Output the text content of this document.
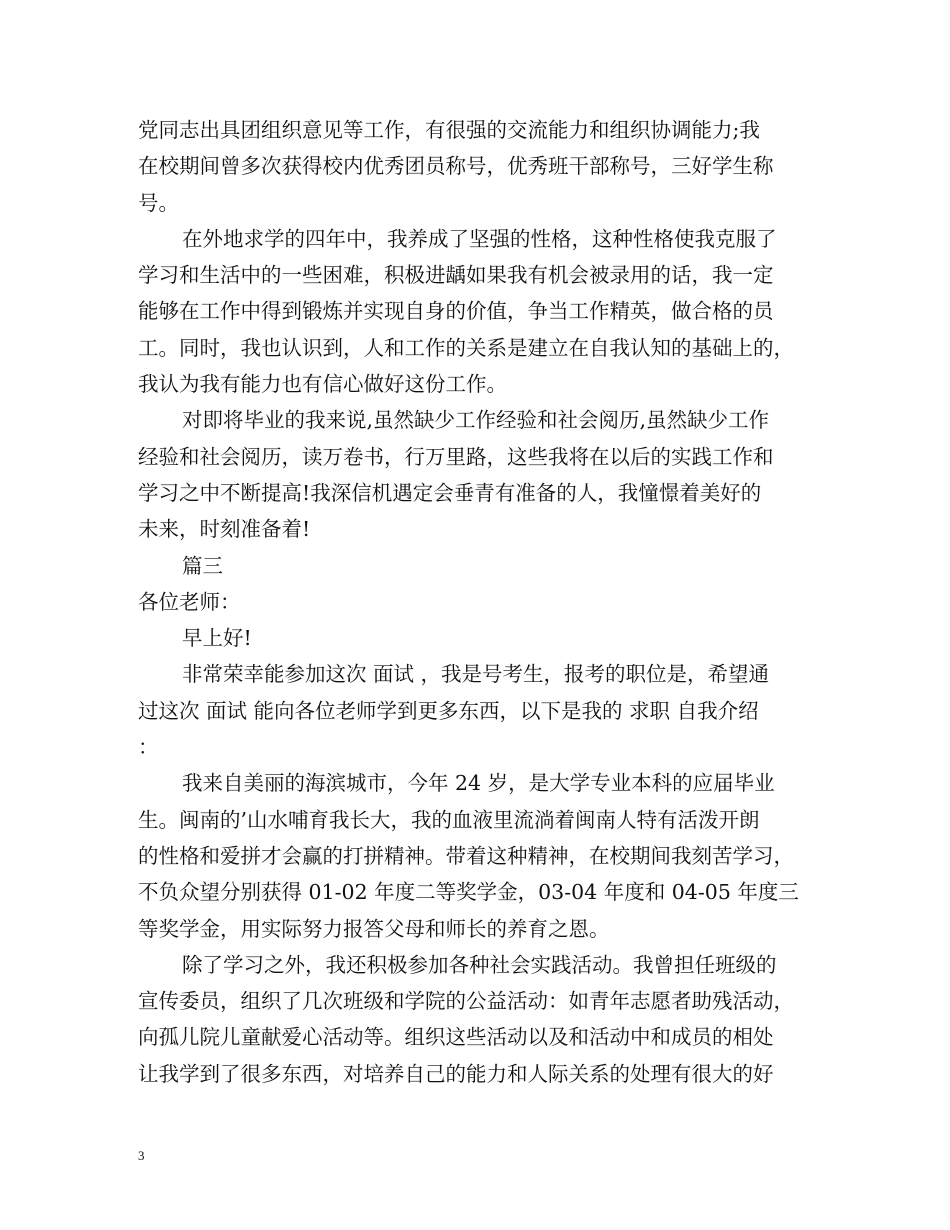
党同志出具团组织意见等工作，有很强的交流能力和组织协调能力;我
在校期间曾多次获得校内优秀团员称号，优秀班干部称号，三好学生称
号。
在外地求学的四年中，我养成了坚强的性格，这种性格使我克服了
学习和生活中的一些困难，积极进龋如果我有机会被录用的话，我一定
能够在工作中得到锻炼并实现自身的价值，争当工作精英，做合格的员
工。同时，我也认识到，人和工作的关系是建立在自我认知的基础上的，
我认为我有能力也有信心做好这份工作。
对即将毕业的我来说,虽然缺少工作经验和社会阅历,虽然缺少工作
经验和社会阅历，读万卷书，行万里路，这些我将在以后的实践工作和
学习之中不断提高!我深信机遇定会垂青有准备的人，我憧憬着美好的
未来，时刻准备着!
篇三
各位老师：
早上好!
非常荣幸能参加这次 面试 ，我是号考生，报考的职位是，希望通
过这次 面试 能向各位老师学到更多东西，以下是我的 求职 自我介绍
：
我来自美丽的海滨城市，今年 24 岁，是大学专业本科的应届毕业
生。闽南的’山水哺育我长大，我的血液里流淌着闽南人特有活泼开朗
的性格和爱拼才会赢的打拼精神。带着这种精神，在校期间我刻苦学习，
不负众望分别获得 01-02 年度二等奖学金，03-04 年度和 04-05 年度三
等奖学金，用实际努力报答父母和师长的养育之恩。
除了学习之外，我还积极参加各种社会实践活动。我曾担任班级的
宣传委员，组织了几次班级和学院的公益活动：如青年志愿者助残活动，
向孤儿院儿童献爱心活动等。组织这些活动以及和活动中和成员的相处
让我学到了很多东西，对培养自己的能力和人际关系的处理有很大的好
3
